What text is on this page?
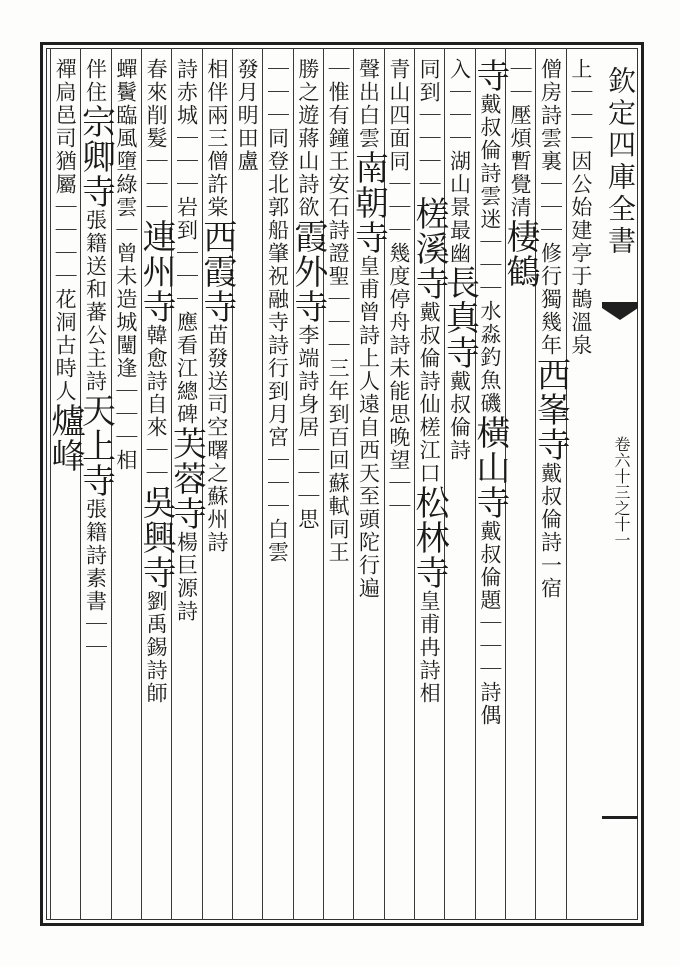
欽定四庫全書
卷六十三之十一
上｜｜｜因公始建亭于鵲溫泉
僧房詩雲裏｜｜｜修行獨幾年西峯寺戴叔倫詩一宿
｜｜壓煩暫覺清棲鶴
寺戴叔倫詩雲迷｜｜｜水淼釣魚磯橫山寺戴叔倫題｜｜｜詩偶
入｜｜｜湖山景最幽長真寺戴叔倫詩
同到｜｜｜｜槎溪寺戴叔倫詩仙槎江口松林寺皇甫冉詩相
青山四面同｜｜｜幾度停舟詩未能思晚望｜｜
聲出白雲南朝寺皇甫曾詩上人遠自西天至頭陀行遍
｜惟有鐘王安石詩證聖｜｜｜三年到百回蘇軾同王
勝之遊蔣山詩欲霞外寺李端詩身居｜｜｜思
｜｜｜同登北郭船肇祝融寺詩行到月宮｜｜｜白雲
發月明田盧
相伴兩三僧許棠西霞寺苗發送司空曙之蘇州詩
詩赤城｜｜｜岩到｜｜｜應看江總碑芙蓉寺楊巨源詩
春來削髮｜｜｜連州寺韓愈詩自來｜｜吳興寺劉禹錫詩師
蟬鬢臨風墮綠雲｜曾未造城闉逢｜｜｜相
伴住宗卿寺張籍送和蕃公主詩天上寺張籍詩素書｜｜
禪扃邑司猶屬｜｜｜｜花洞古時人爐峰
